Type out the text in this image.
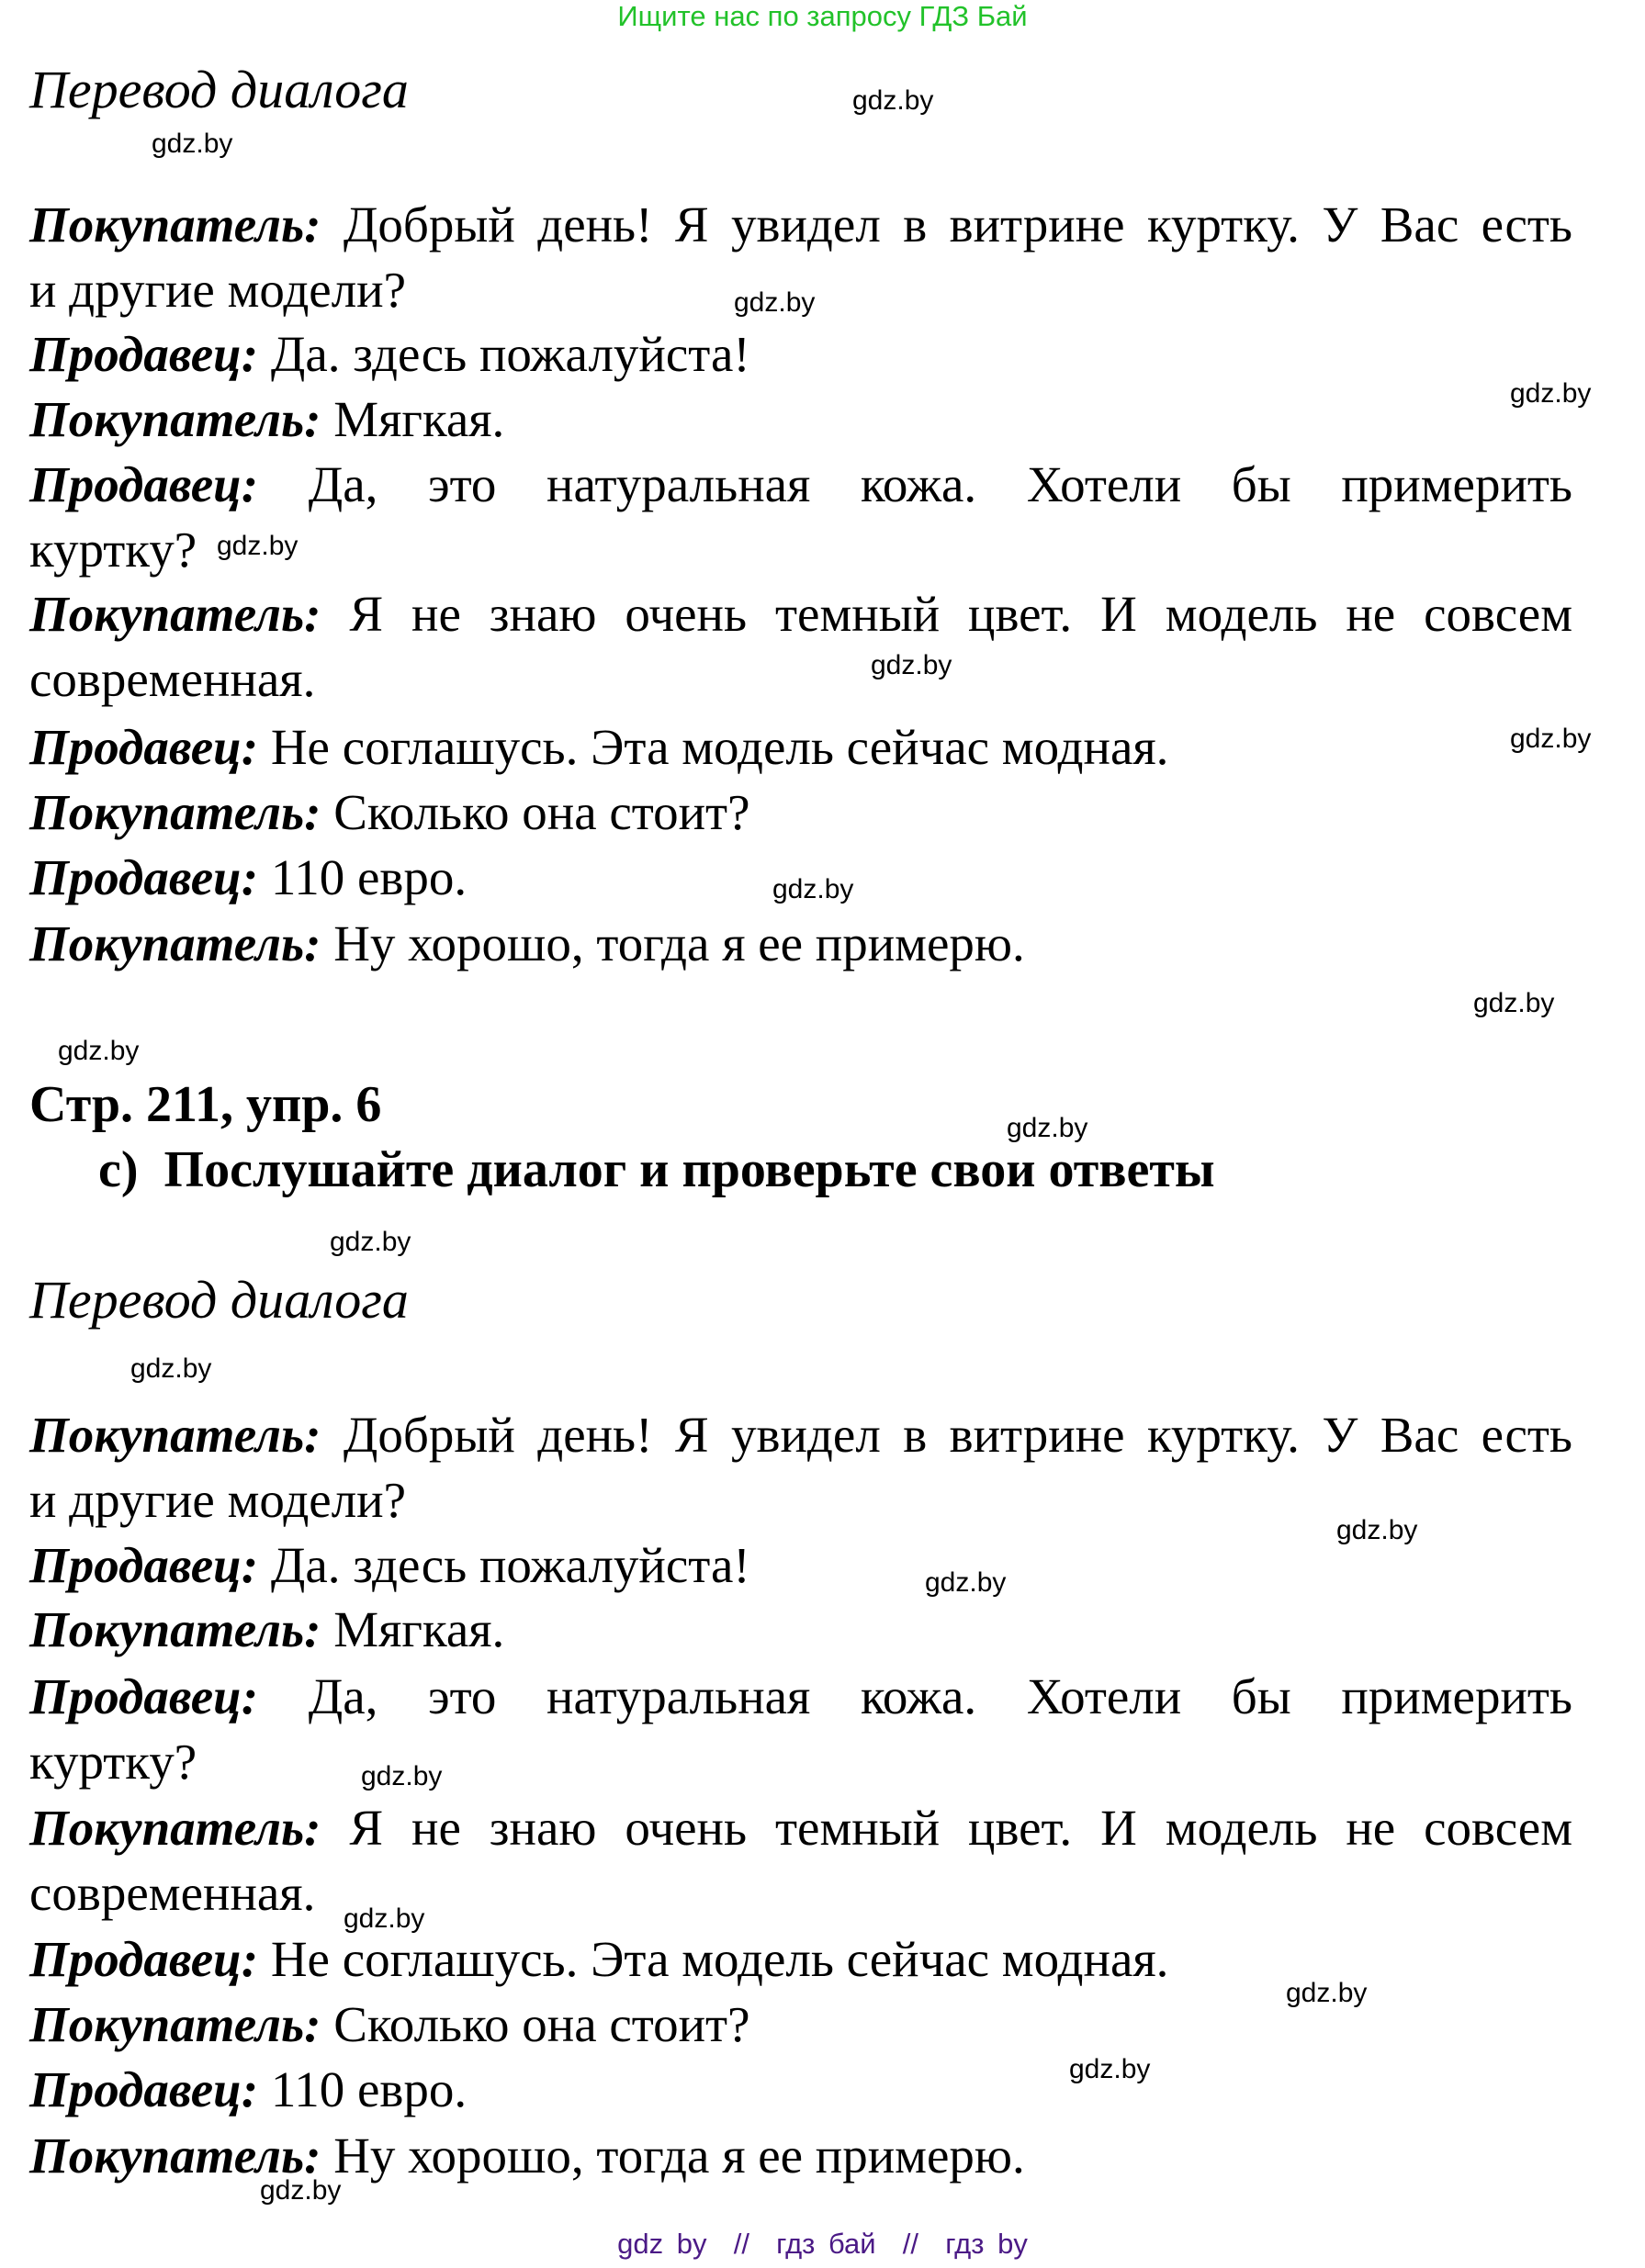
Ищите нас по запросу ГДЗ Бай
Перевод диалога
Покупатель: Добрый день! Я увидел в витрине куртку. У Вас есть
и другие модели?
Продавец: Да. здесь пожалуйста!
Покупатель: Мягкая.
Продавец: Да, это натуральная кожа. Хотели бы примерить
куртку?
Покупатель: Я не знаю очень темный цвет. И модель не совсем
современная.
Продавец: Не соглашусь. Эта модель сейчас модная.
Покупатель: Сколько она стоит?
Продавец: 110 евро.
Покупатель: Ну хорошо, тогда я ее примерю.
Стр. 211, упр. 6
c)  Послушайте диалог и проверьте свои ответы
Перевод диалога
Покупатель: Добрый день! Я увидел в витрине куртку. У Вас есть
и другие модели?
Продавец: Да. здесь пожалуйста!
Покупатель: Мягкая.
Продавец: Да, это натуральная кожа. Хотели бы примерить
куртку?
Покупатель: Я не знаю очень темный цвет. И модель не совсем
современная.
Продавец: Не соглашусь. Эта модель сейчас модная.
Покупатель: Сколько она стоит?
Продавец: 110 евро.
Покупатель: Ну хорошо, тогда я ее примерю.
gdz.by
gdz.by
gdz.by
gdz.by
gdz.by
gdz.by
gdz.by
gdz.by
gdz.by
gdz.by
gdz.by
gdz.by
gdz.by
gdz.by
gdz.by
gdz.by
gdz.by
gdz.by
gdz.by
gdz.by
gdz by  //  гдз бай  //  гдз by
